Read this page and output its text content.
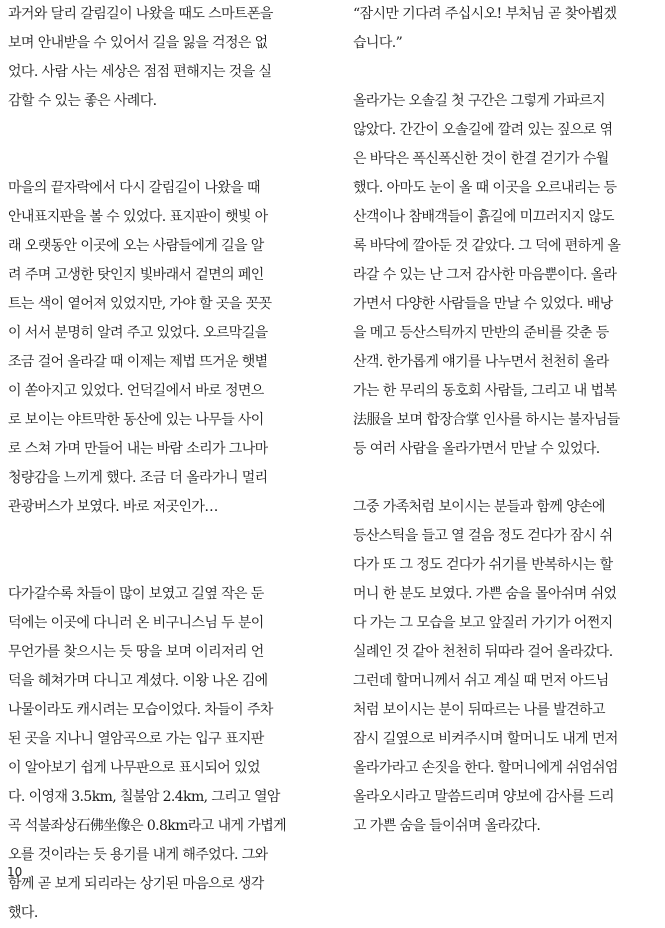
과거와 달리 갈림길이 나왔을 때도 스마트폰을
보며 안내받을 수 있어서 길을 잃을 걱정은 없
었다. 사람 사는 세상은 점점 편해지는 것을 실
감할 수 있는 좋은 사례다.
마을의 끝자락에서 다시 갈림길이 나왔을 때
안내표지판을 볼 수 있었다. 표지판이 햇빛 아
래 오랫동안 이곳에 오는 사람들에게 길을 알
려 주며 고생한 탓인지 빛바래서 겉면의 페인
트는 색이 옅어져 있었지만, 가야 할 곳을 꼿꼿
이 서서 분명히 알려 주고 있었다. 오르막길을
조금 걸어 올라갈 때 이제는 제법 뜨거운 햇볕
이 쏟아지고 있었다. 언덕길에서 바로 정면으
로 보이는 야트막한 동산에 있는 나무들 사이
로 스쳐 가며 만들어 내는 바람 소리가 그나마
청량감을 느끼게 했다. 조금 더 올라가니 멀리
관광버스가 보였다. 바로 저곳인가…
다가갈수록 차들이 많이 보였고 길옆 작은 둔
덕에는 이곳에 다니러 온 비구니스님 두 분이
무언가를 찾으시는 듯 땅을 보며 이리저리 언
덕을 헤쳐가며 다니고 계셨다. 이왕 나온 김에
나물이라도 캐시려는 모습이었다. 차들이 주차
된 곳을 지나니 열암곡으로 가는 입구 표지판
이 알아보기 쉽게 나무판으로 표시되어 있었
다. 이영재 3.5km, 칠불암 2.4km, 그리고 열암
곡 석불좌상石佛坐像은 0.8km라고 내게 가볍게
오를 것이라는 듯 용기를 내게 해주었다. 그와
함께 곧 보게 되리라는 상기된 마음으로 생각
했다.
“잠시만 기다려 주십시오! 부처님 곧 찾아뵙겠
습니다.”
올라가는 오솔길 첫 구간은 그렇게 가파르지
않았다. 간간이 오솔길에 깔려 있는 짚으로 엮
은 바닥은 폭신폭신한 것이 한결 걷기가 수월
했다. 아마도 눈이 올 때 이곳을 오르내리는 등
산객이나 참배객들이 흙길에 미끄러지지 않도
록 바닥에 깔아둔 것 같았다. 그 덕에 편하게 올
라갈 수 있는 난 그저 감사한 마음뿐이다. 올라
가면서 다양한 사람들을 만날 수 있었다. 배낭
을 메고 등산스틱까지 만반의 준비를 갖춘 등
산객. 한가롭게 얘기를 나누면서 천천히 올라
가는 한 무리의 동호회 사람들, 그리고 내 법복
法服을 보며 합장合掌 인사를 하시는 불자님들
등 여러 사람을 올라가면서 만날 수 있었다.
그중 가족처럼 보이시는 분들과 함께 양손에
등산스틱을 들고 열 걸음 정도 걷다가 잠시 쉬
다가 또 그 정도 걷다가 쉬기를 반복하시는 할
머니 한 분도 보였다. 가쁜 숨을 몰아쉬며 쉬었
다 가는 그 모습을 보고 앞질러 가기가 어쩐지
실례인 것 같아 천천히 뒤따라 걸어 올라갔다.
그런데 할머니께서 쉬고 계실 때 먼저 아드님
처럼 보이시는 분이 뒤따르는 나를 발견하고
잠시 길옆으로 비켜주시며 할머니도 내게 먼저
올라가라고 손짓을 한다. 할머니에게 쉬엄쉬엄
올라오시라고 말씀드리며 양보에 감사를 드리
고 가쁜 숨을 들이쉬며 올라갔다.
10
